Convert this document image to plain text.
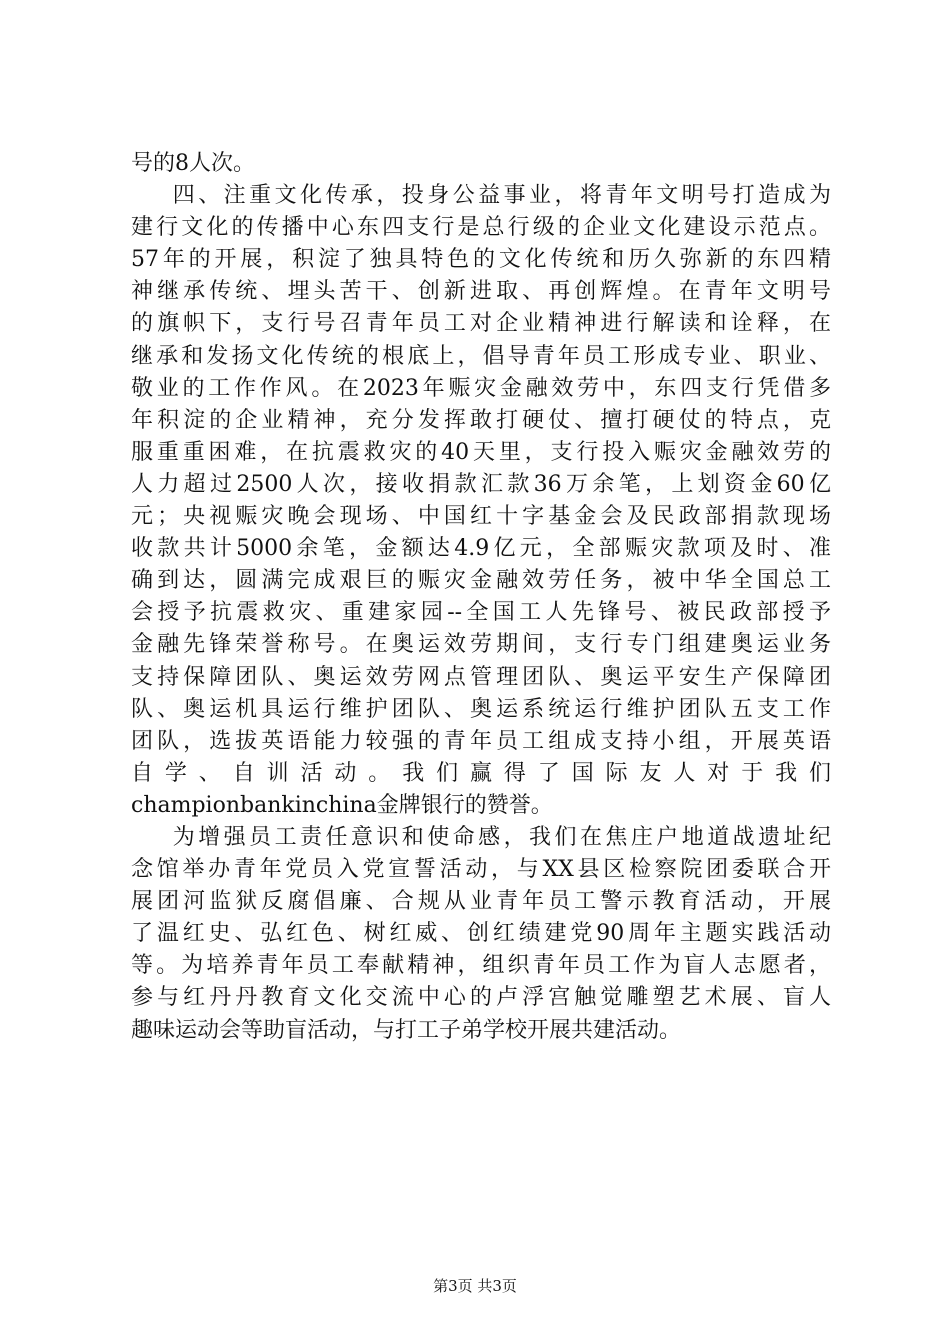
号的8人次。
四、注重文化传承，投身公益事业，将青年文明号打造成为
建行文化的传播中心东四支行是总行级的企业文化建设示范点。
57年的开展，积淀了独具特色的文化传统和历久弥新的东四精
神继承传统、埋头苦干、创新进取、再创辉煌。在青年文明号
的旗帜下，支行号召青年员工对企业精神进行解读和诠释，在
继承和发扬文化传统的根底上，倡导青年员工形成专业、职业、
敬业的工作作风。在2023年赈灾金融效劳中，东四支行凭借多
年积淀的企业精神，充分发挥敢打硬仗、擅打硬仗的特点，克
服重重困难，在抗震救灾的40天里，支行投入赈灾金融效劳的
人力超过2500人次，接收捐款汇款36万余笔，上划资金60亿
元；央视赈灾晚会现场、中国红十字基金会及民政部捐款现场
收款共计5000余笔，金额达4.9亿元，全部赈灾款项及时、准
确到达，圆满完成艰巨的赈灾金融效劳任务，被中华全国总工
会授予抗震救灾、重建家园--全国工人先锋号、被民政部授予
金融先锋荣誉称号。在奥运效劳期间，支行专门组建奥运业务
支持保障团队、奥运效劳网点管理团队、奥运平安生产保障团
队、奥运机具运行维护团队、奥运系统运行维护团队五支工作
团队，选拔英语能力较强的青年员工组成支持小组，开展英语
自 学 、 自 训 活 动 。 我 们 赢 得 了 国 际 友 人 对 于 我 们
championbankinchina金牌银行的赞誉。
为增强员工责任意识和使命感，我们在焦庄户地道战遗址纪
念馆举办青年党员入党宣誓活动，与XX县区检察院团委联合开
展团河监狱反腐倡廉、合规从业青年员工警示教育活动，开展
了温红史、弘红色、树红威、创红绩建党90周年主题实践活动
等。为培养青年员工奉献精神，组织青年员工作为盲人志愿者，
参与红丹丹教育文化交流中心的卢浮宫触觉雕塑艺术展、盲人
趣味运动会等助盲活动，与打工子弟学校开展共建活动。
第3页 共3页
